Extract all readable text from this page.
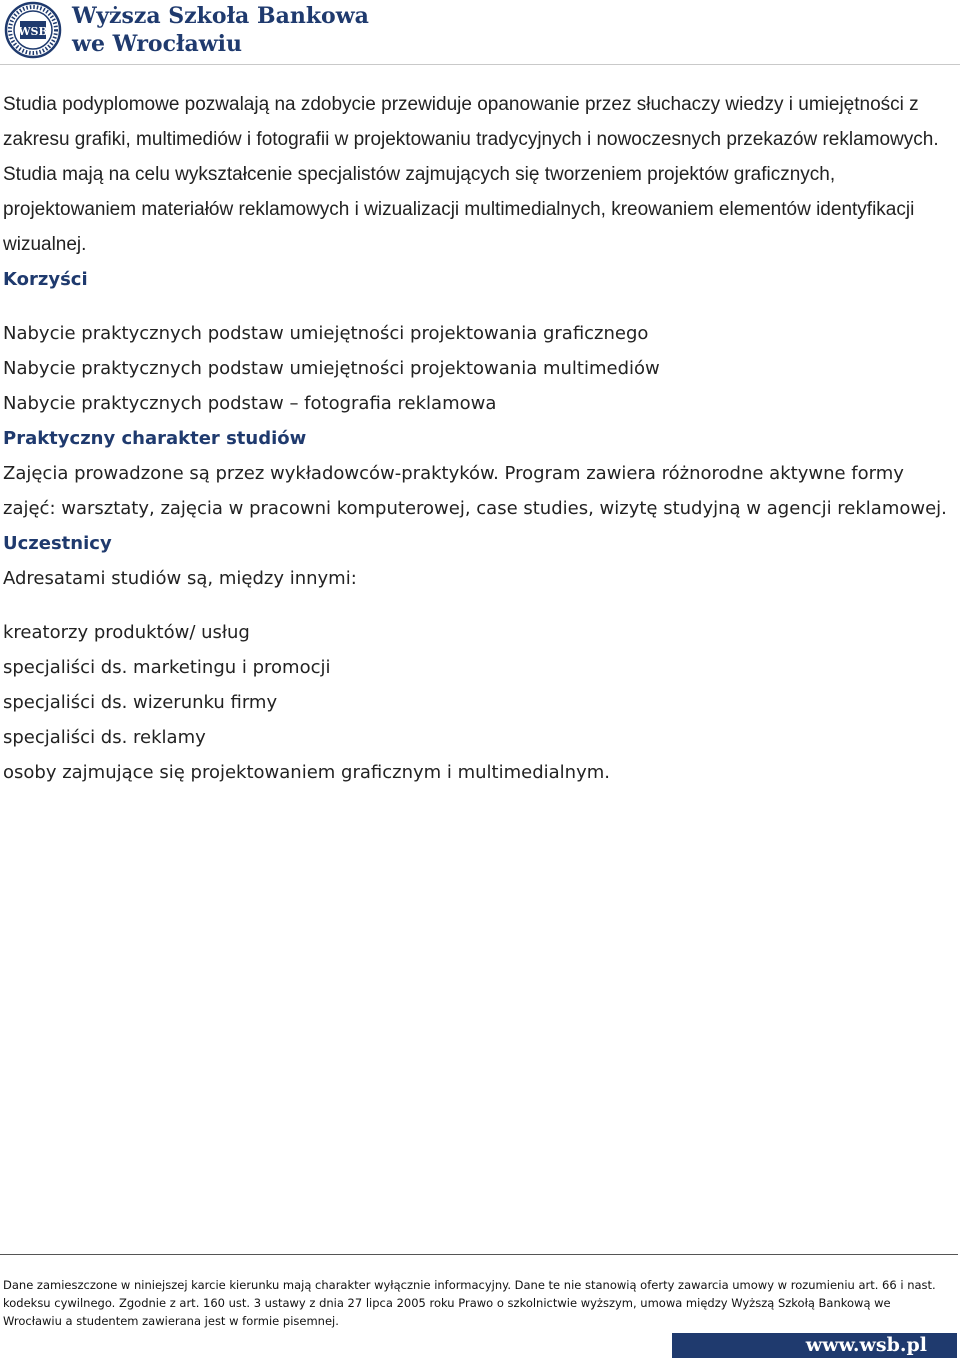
WSB
Wyższa Szkoła Bankowa
we Wrocławiu

Studia podyplomowe pozwalają na zdobycie przewiduje opanowanie przez słuchaczy wiedzy i umiejętności z zakresu grafiki, multimediów i fotografii w projektowaniu tradycyjnych i nowoczesnych przekazów reklamowych. Studia mają na celu wykształcenie specjalistów zajmujących się tworzeniem projektów graficznych, projektowaniem materiałów reklamowych i wizualizacji multimedialnych, kreowaniem elementów identyfikacji wizualnej.

Korzyści
Nabycie praktycznych podstaw umiejętności projektowania graficznego
Nabycie praktycznych podstaw umiejętności projektowania multimediów
Nabycie praktycznych podstaw – fotografia reklamowa
Praktyczny charakter studiów

Zajęcia prowadzone są przez wykładowców-praktyków. Program zawiera różnorodne aktywne formy zajęć: warsztaty, zajęcia w pracowni komputerowej, case studies, wizytę studyjną w agencji reklamowej.

Uczestnicy

Adresatami studiów są, między innymi:

kreatorzy produktów/ usług
specjaliści ds. marketingu i promocji
specjaliści ds. wizerunku firmy
specjaliści ds. reklamy
osoby zajmujące się projektowaniem graficznym i multimedialnym.
Dane zamieszczone w niniejszej karcie kierunku mają charakter wyłącznie informacyjny. Dane te nie stanowią oferty zawarcia umowy w rozumieniu art. 66 i nast. kodeksu cywilnego. Zgodnie z art. 160 ust. 3 ustawy z dnia 27 lipca 2005 roku Prawo o szkolnictwie wyższym, umowa między Wyższą Szkołą Bankową we Wrocławiu a studentem zawierana jest w formie pisemnej.
www.wsb.pl
